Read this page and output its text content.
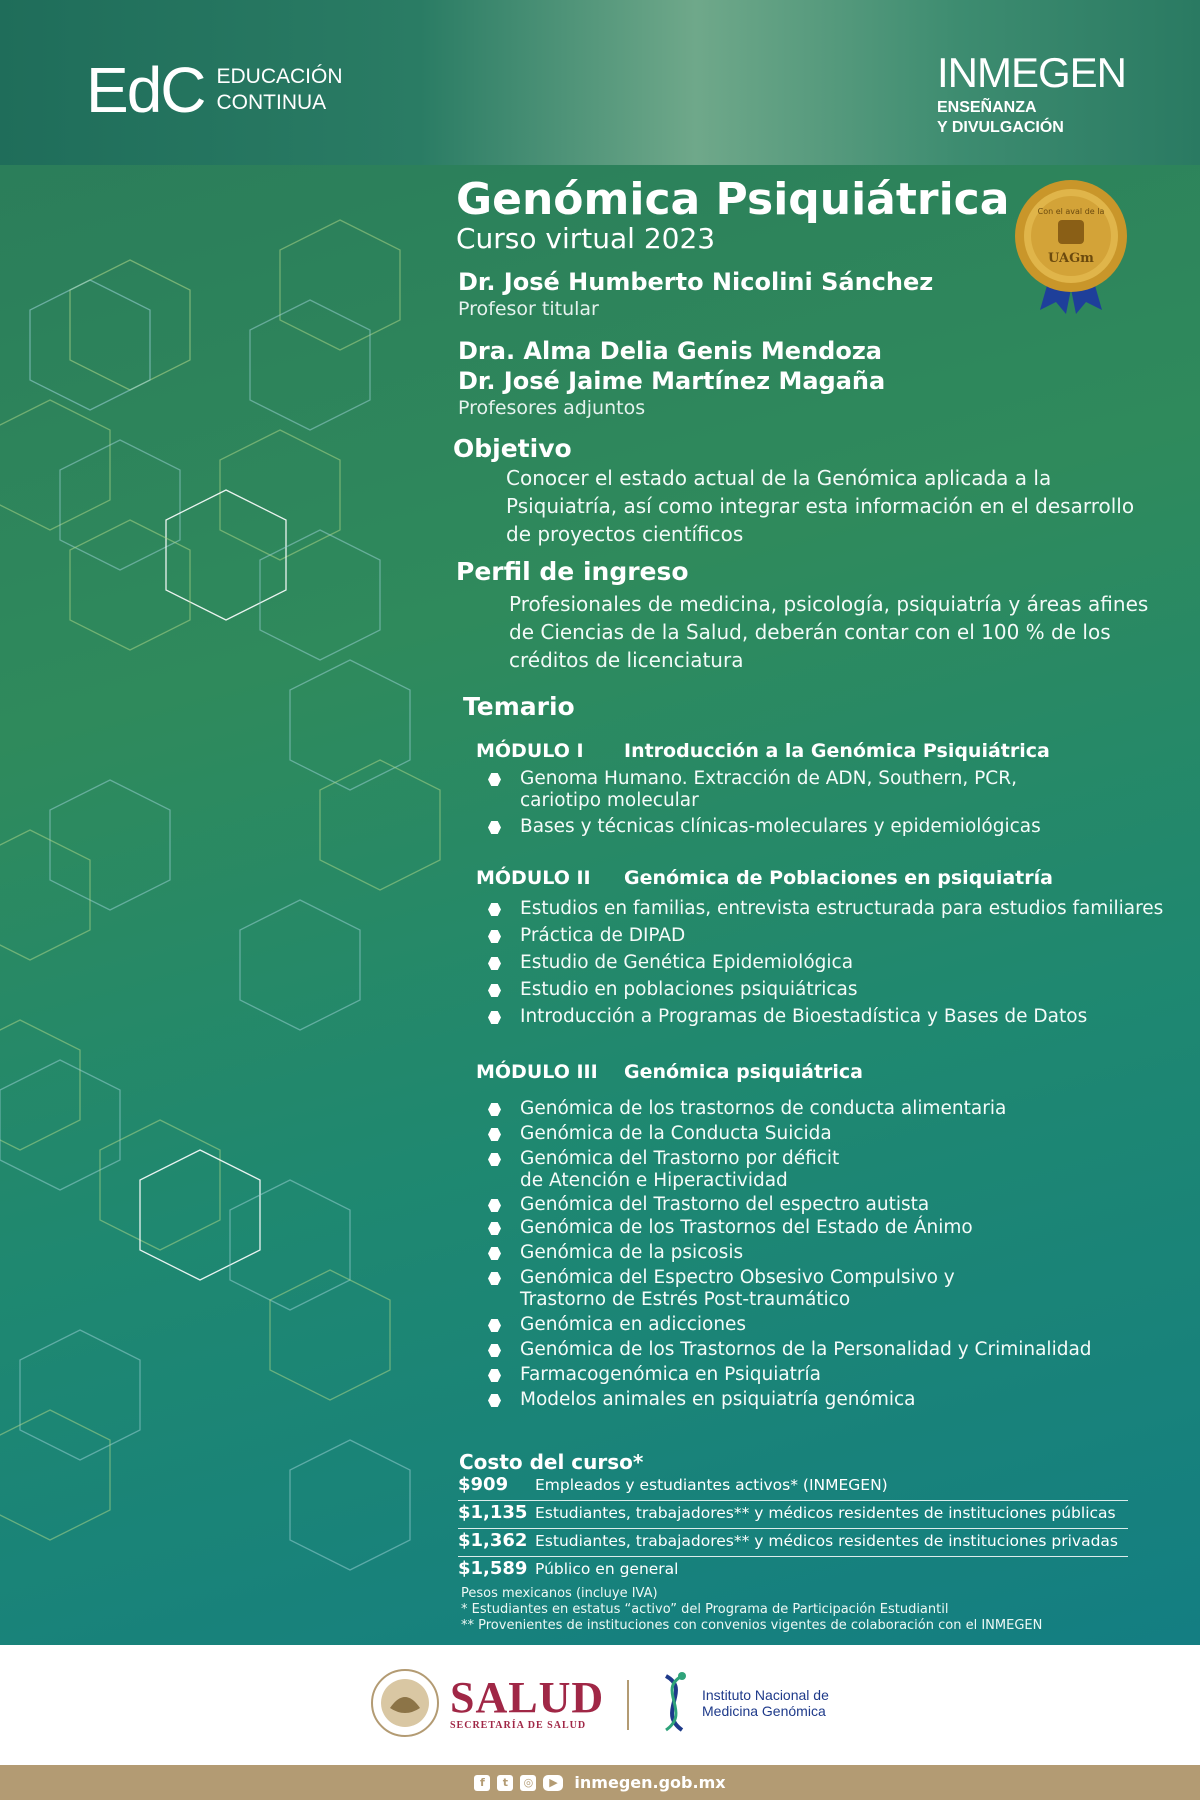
EdC EDUCACIÓN
CONTINUA
INMEGEN
ENSEÑANZA
Y DIVULGACIÓN
Genómica Psiquiátrica
Curso virtual 2023
Dr. José Humberto Nicolini Sánchez
Profesor titular
Dra. Alma Delia Genis Mendoza
Dr. José Jaime Martínez Magaña
Profesores adjuntos
Objetivo
Conocer el estado actual de la Genómica aplicada a la Psiquiatría, así como integrar esta información en el desarrollo de proyectos científicos
Perfil de ingreso
Profesionales de medicina, psicología, psiquiatría y áreas afines de Ciencias de la Salud, deberán contar con el 100 % de los créditos de licenciatura
Temario
MÓDULO I Introducción a la Genómica Psiquiátrica
Genoma Humano. Extracción de ADN, Southern, PCR, cariotipo molecular
Bases y técnicas clínicas-moleculares y epidemiológicas
MÓDULO II Genómica de Poblaciones en psiquiatría
Estudios en familias, entrevista estructurada para estudios familiares
Práctica de DIPAD
Estudio de Genética Epidemiológica
Estudio en poblaciones psiquiátricas
Introducción a Programas de Bioestadística y Bases de Datos
MÓDULO III Genómica psiquiátrica
Genómica de los trastornos de conducta alimentaria
Genómica de la Conducta Suicida
Genómica del Trastorno por déficit de Atención e Hiperactividad
Genómica del Trastorno del espectro autista
Genómica de los Trastornos del Estado de Ánimo
Genómica de la psicosis
Genómica del Espectro Obsesivo Compulsivo y Trastorno de Estrés Post-traumático
Genómica en adicciones
Genómica de los Trastornos de la Personalidad y Criminalidad
Farmacogenómica en Psiquiatría
Modelos animales en psiquiatría genómica
Costo del curso*
$909 Empleados y estudiantes activos* (INMEGEN)
$1,135 Estudiantes, trabajadores** y médicos residentes de instituciones públicas
$1,362 Estudiantes, trabajadores** y médicos residentes de instituciones privadas
$1,589 Público en general
Pesos mexicanos (incluye IVA)
* Estudiantes en estatus “activo” del Programa de Participación Estudiantil
** Provenientes de instituciones con convenios vigentes de colaboración con el INMEGEN
Con el aval de la
UAGm
SALUD
SECRETARÍA DE SALUD
Instituto Nacional de
Medicina Genómica
f	t	◎	▶	inmegen.gob.mx
